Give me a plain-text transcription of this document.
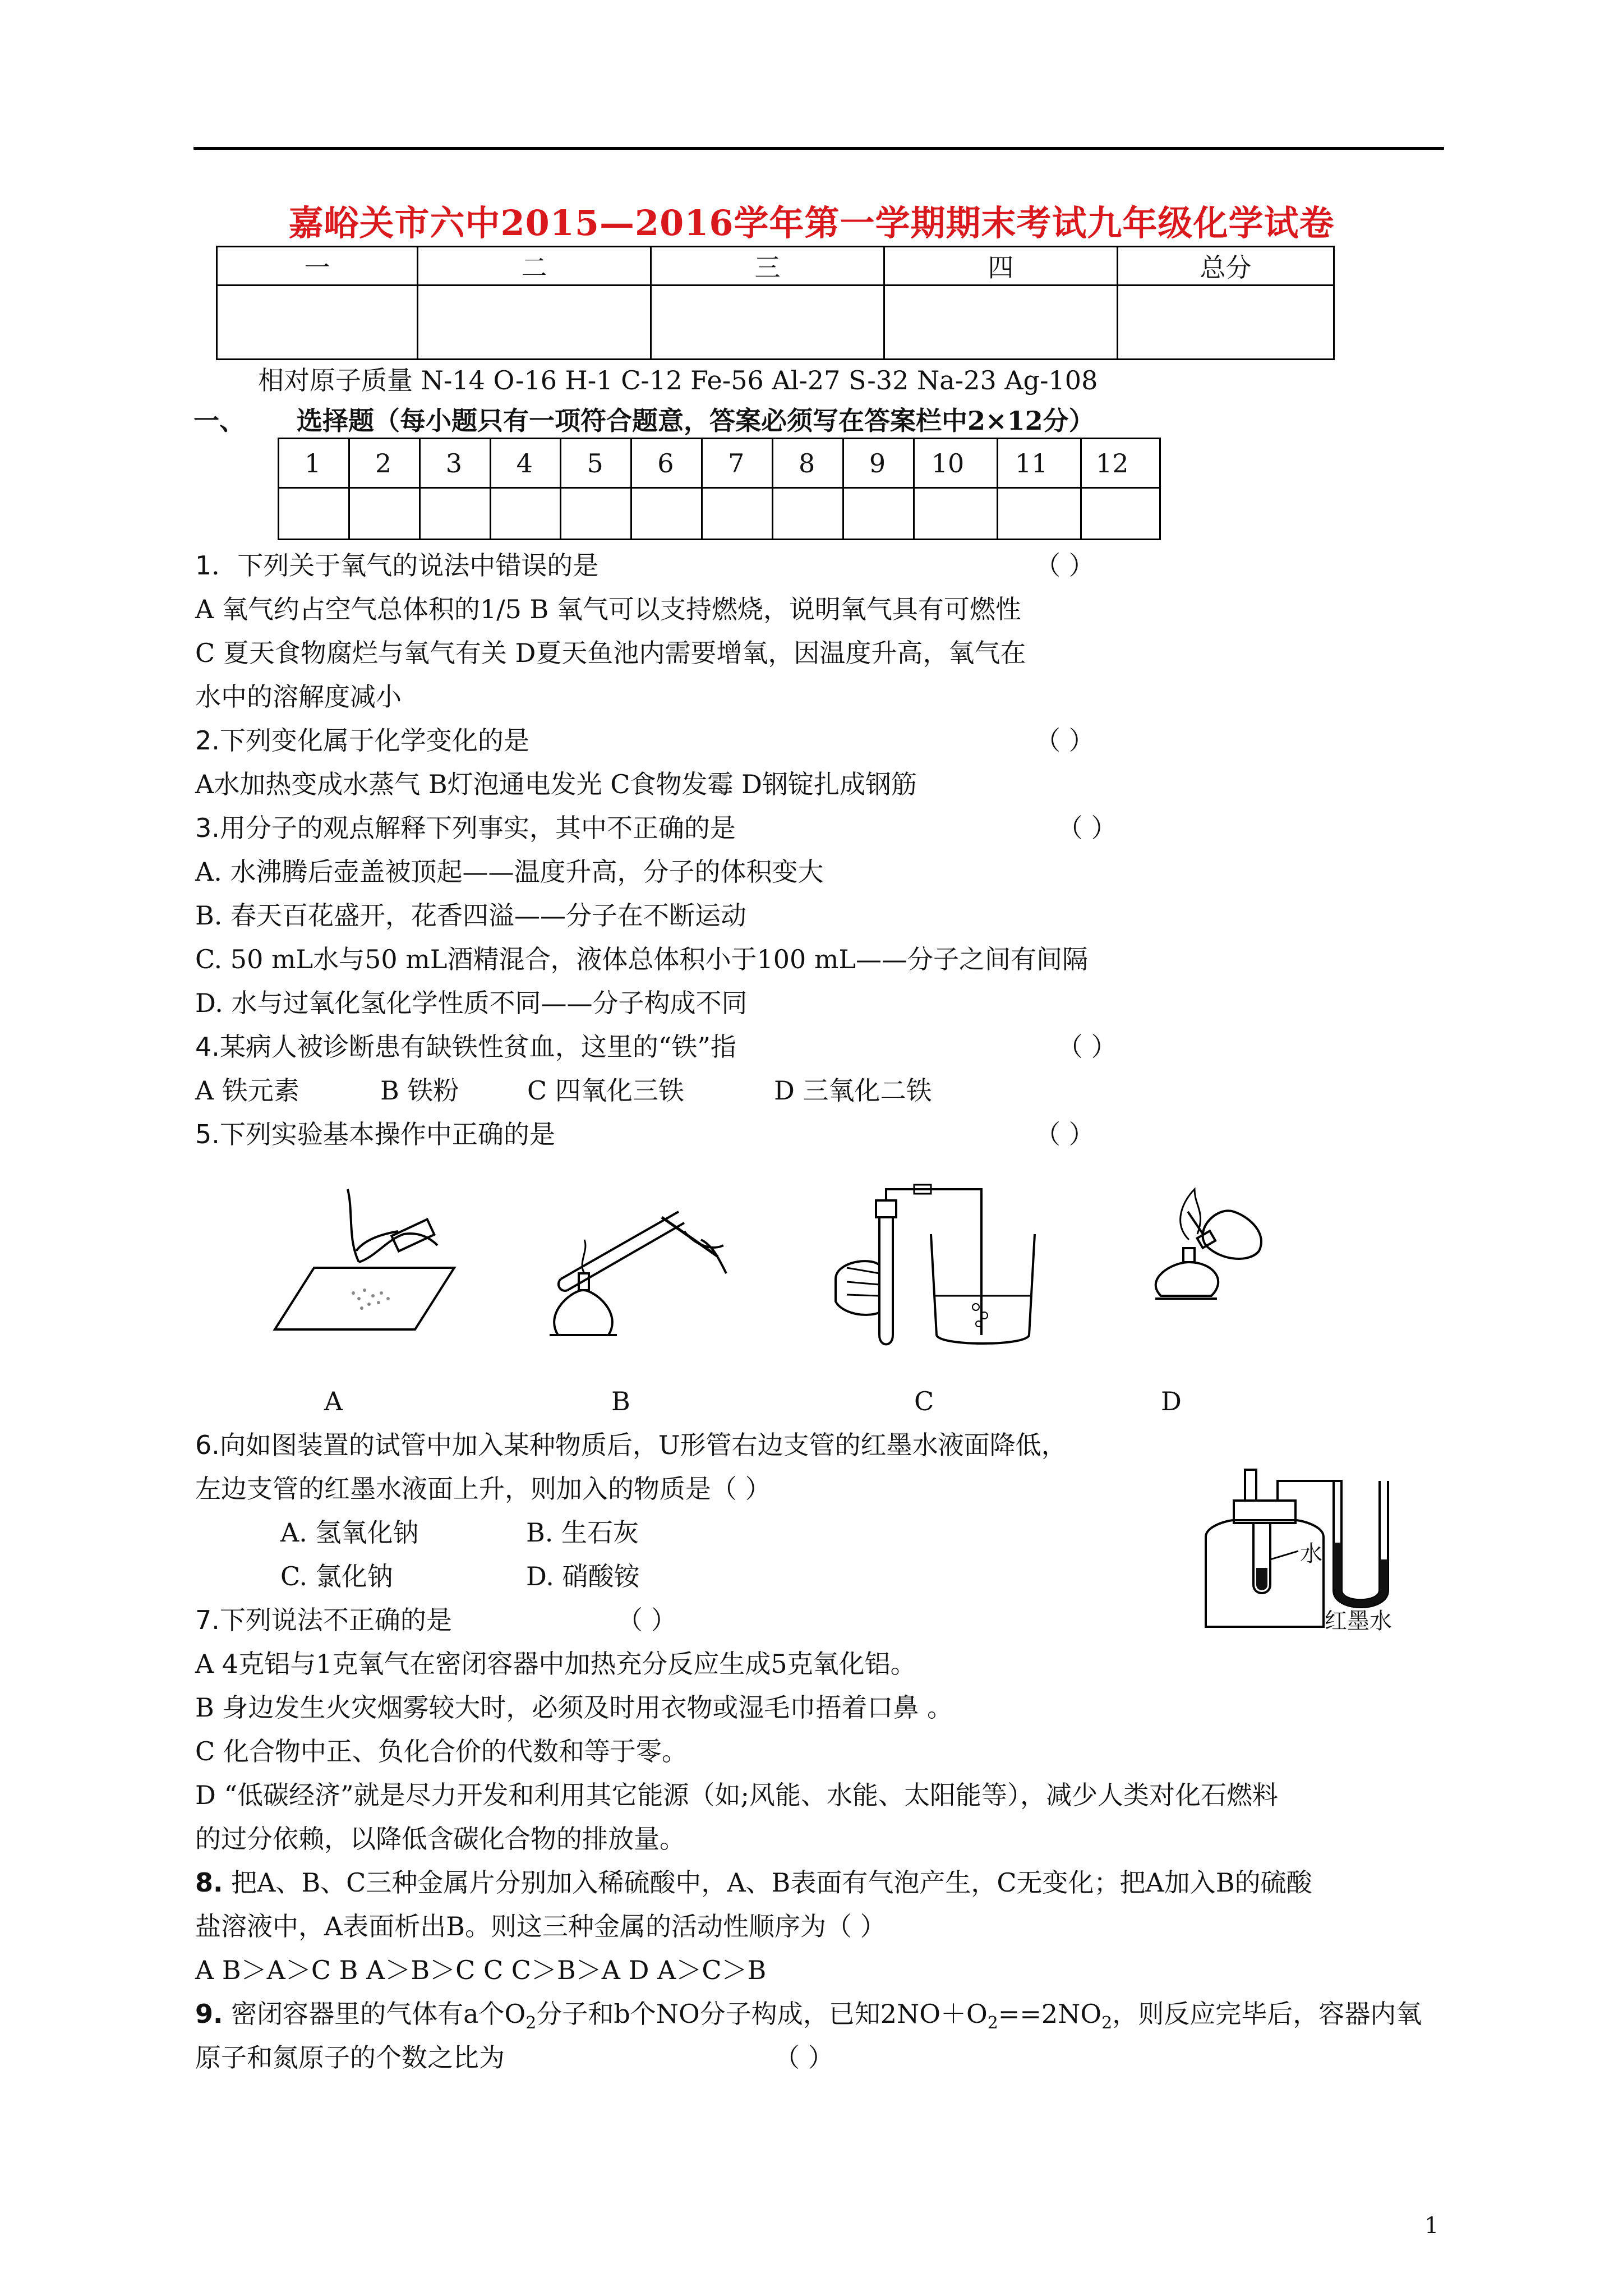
嘉峪关市六中2015—2016学年第一学期期末考试九年级化学试卷
一	二	三	四	总分

相对原子质量 N-14 O-16 H-1 C-12 Fe-56 Al-27 S-32 Na-23 Ag-108
一、 选择题（每小题只有一项符合题意，答案必须写在答案栏中2×12分）
1	2	3	4	5	6	7	8	9	10	11	12

1．下列关于氧气的说法中错误的是	（ ）
A 氧气约占空气总体积的1/5 B 氧气可以支持燃烧，说明氧气具有可燃性
C 夏天食物腐烂与氧气有关 D夏天鱼池内需要增氧，因温度升高，氧气在
水中的溶解度减小
2.下列变化属于化学变化的是	（ ）
A水加热变成水蒸气 B灯泡通电发光 C食物发霉 D钢锭扎成钢筋
3.用分子的观点解释下列事实，其中不正确的是	（ ）
A. 水沸腾后壶盖被顶起——温度升高，分子的体积变大
B. 春天百花盛开，花香四溢——分子在不断运动
C. 50 mL水与50 mL酒精混合，液体总体积小于100 mL——分子之间有间隔
D. 水与过氧化氢化学性质不同——分子构成不同
4.某病人被诊断患有缺铁性贫血，这里的“铁”指	（ ）
A 铁元素	B 铁粉	C 四氧化三铁	D 三氧化二铁
5.下列实验基本操作中正确的是	（ ）
A	B	C	D
6.向如图装置的试管中加入某种物质后，U形管右边支管的红墨水液面降低，
左边支管的红墨水液面上升，则加入的物质是（ ）
A. 氢氧化钠	B. 生石灰
C. 氯化钠	D. 硝酸铵
水
红墨水
7.下列说法不正确的是	（ ）
A 4克铝与1克氧气在密闭容器中加热充分反应生成5克氧化铝。
B 身边发生火灾烟雾较大时，必须及时用衣物或湿毛巾捂着口鼻 。
C 化合物中正、负化合价的代数和等于零。
D “低碳经济”就是尽力开发和利用其它能源（如;风能、水能、太阳能等），减少人类对化石燃料
的过分依赖，以降低含碳化合物的排放量。
8. 把A、B、C三种金属片分别加入稀硫酸中，A、B表面有气泡产生，C无变化；把A加入B的硫酸
盐溶液中，A表面析出B。则这三种金属的活动性顺序为（ ）
A B＞A＞C B A＞B＞C C C＞B＞A D A＞C＞B
9. 密闭容器里的气体有a个$O_2$分子和b个NO分子构成，已知$2NO+O_2==2NO_2$，则反应完毕后，容器内氧
原子和氮原子的个数之比为	（ ）
1
